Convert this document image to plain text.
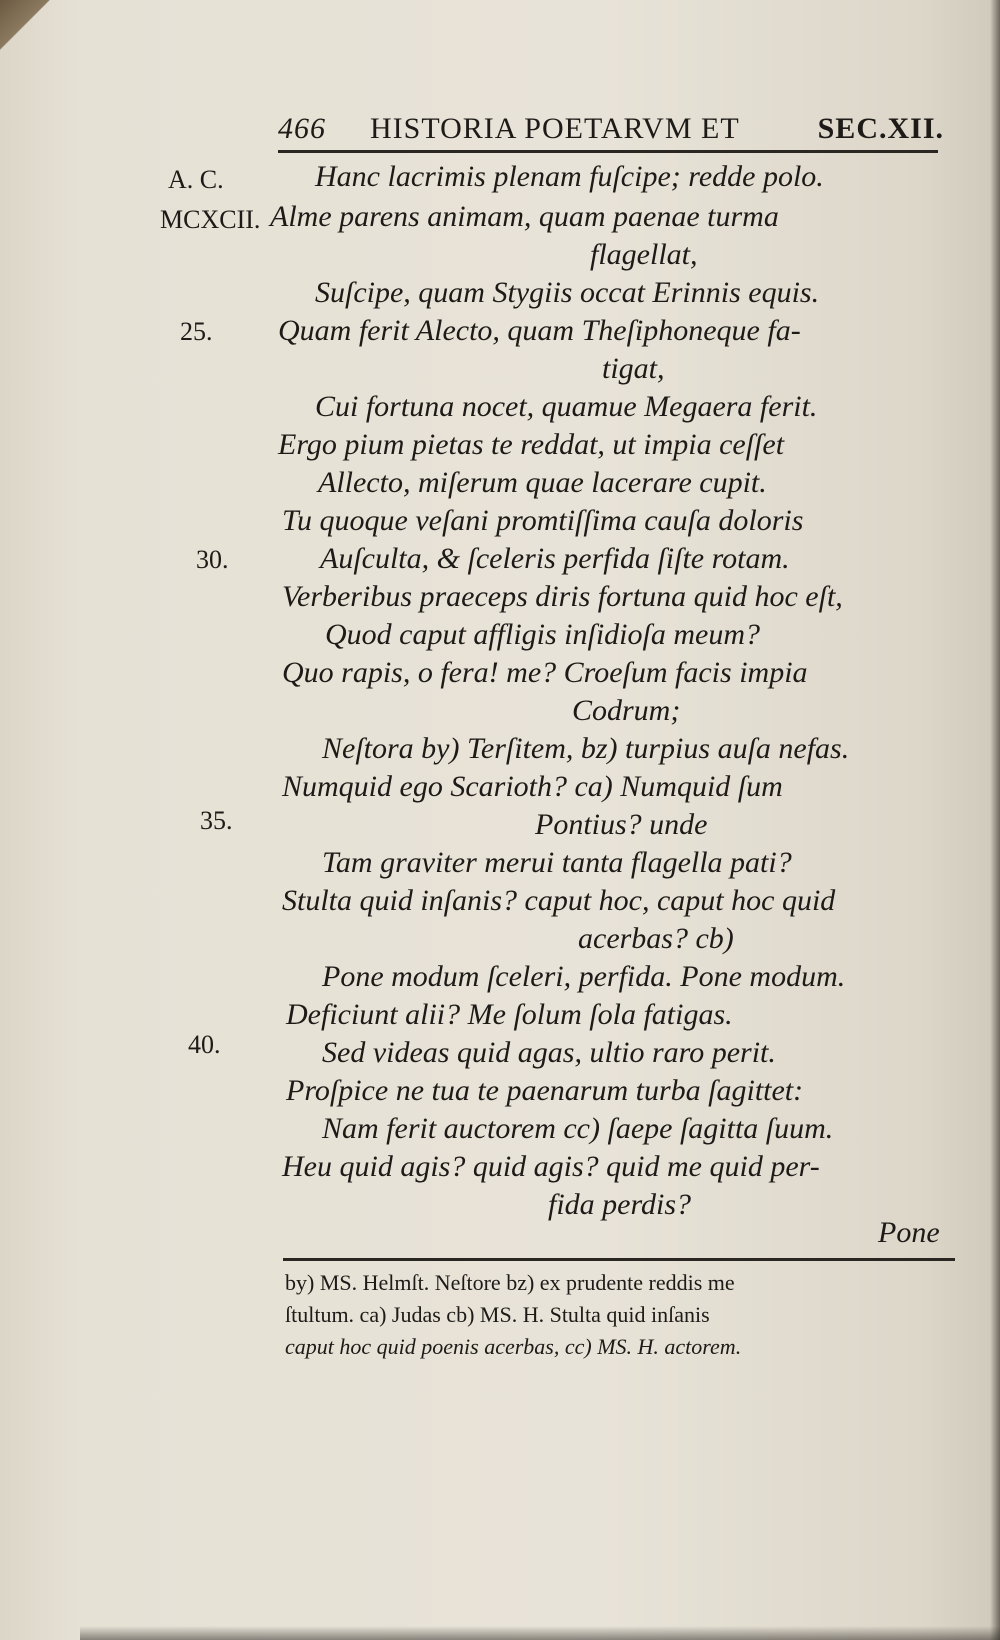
466 HISTORIA POETARVM ET	SEC.XII.
A. C.
MCXCII.
25.
30.
35.
40.
Hanc lacrimis plenam fuſcipe; redde polo.
Alme parens animam, quam paenae turma
flagellat,
Suſcipe, quam Stygiis occat Erinnis equis.
Quam ferit Alecto, quam Theſiphoneque fa-
tigat,
Cui fortuna nocet, quamue Megaera ferit.
Ergo pium pietas te reddat, ut impia ceſſet
Allecto, miſerum quae lacerare cupit.
Tu quoque veſani promtiſſima cauſa doloris
Auſculta, & ſceleris perfida ſiſte rotam.
Verberibus praeceps diris fortuna quid hoc eſt,
Quod caput affligis inſidioſa meum?
Quo rapis, o fera! me? Croeſum facis impia
Codrum;
Neſtora by) Terſitem, bz) turpius auſa nefas.
Numquid ego Scarioth? ca) Numquid ſum
Pontius? unde
Tam graviter merui tanta flagella pati?
Stulta quid inſanis? caput hoc, caput hoc quid
acerbas? cb)
Pone modum ſceleri, perfida. Pone modum.
Deficiunt alii? Me ſolum ſola fatigas.
Sed videas quid agas, ultio raro perit.
Proſpice ne tua te paenarum turba ſagittet:
Nam ferit auctorem cc) ſaepe ſagitta ſuum.
Heu quid agis? quid agis? quid me quid per-
fida perdis?
Pone
by) MS. Helmſt. Neſtore bz) ex prudente reddis me
ſtultum. ca) Judas cb) MS. H. Stulta quid inſanis
caput hoc quid poenis acerbas, cc) MS. H. actorem.
